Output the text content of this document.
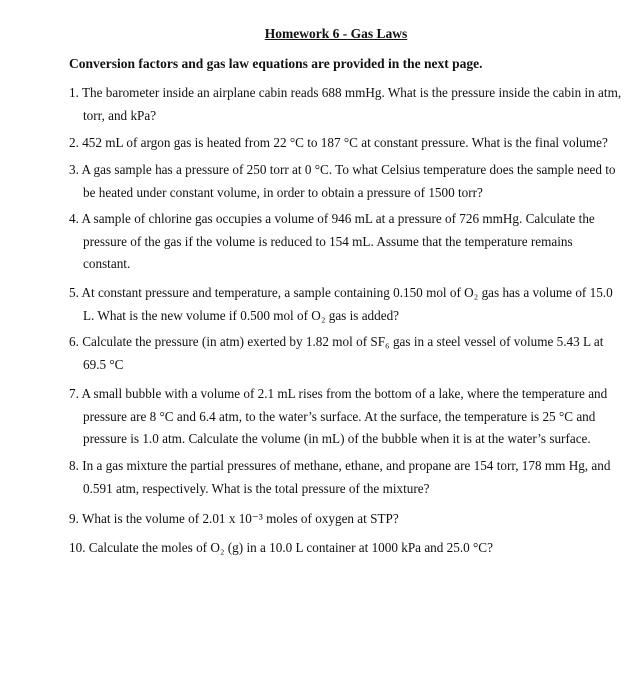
Homework 6 - Gas Laws
Conversion factors and gas law equations are provided in the next page.
1. The barometer inside an airplane cabin reads 688 mmHg. What is the pressure inside the cabin in atm,
torr, and kPa?
2. 452 mL of argon gas is heated from 22 °C to 187 °C at constant pressure. What is the final volume?
3. A gas sample has a pressure of 250 torr at 0 °C. To what Celsius temperature does the sample need to
be heated under constant volume, in order to obtain a pressure of 1500 torr?
4. A sample of chlorine gas occupies a volume of 946 mL at a pressure of 726 mmHg. Calculate the
pressure of the gas if the volume is reduced to 154 mL. Assume that the temperature remains
constant.
5. At constant pressure and temperature, a sample containing 0.150 mol of O₂ gas has a volume of 15.0
L. What is the new volume if 0.500 mol of O₂ gas is added?
6. Calculate the pressure (in atm) exerted by 1.82 mol of SF₆ gas in a steel vessel of volume 5.43 L at
69.5 °C
7. A small bubble with a volume of 2.1 mL rises from the bottom of a lake, where the temperature and
pressure are 8 °C and 6.4 atm, to the water’s surface. At the surface, the temperature is 25 °C and
pressure is 1.0 atm. Calculate the volume (in mL) of the bubble when it is at the water’s surface.
8. In a gas mixture the partial pressures of methane, ethane, and propane are 154 torr, 178 mm Hg, and
0.591 atm, respectively. What is the total pressure of the mixture?
9. What is the volume of 2.01 x 10⁻³ moles of oxygen at STP?
10. Calculate the moles of O₂ (g) in a 10.0 L container at 1000 kPa and 25.0 °C?
